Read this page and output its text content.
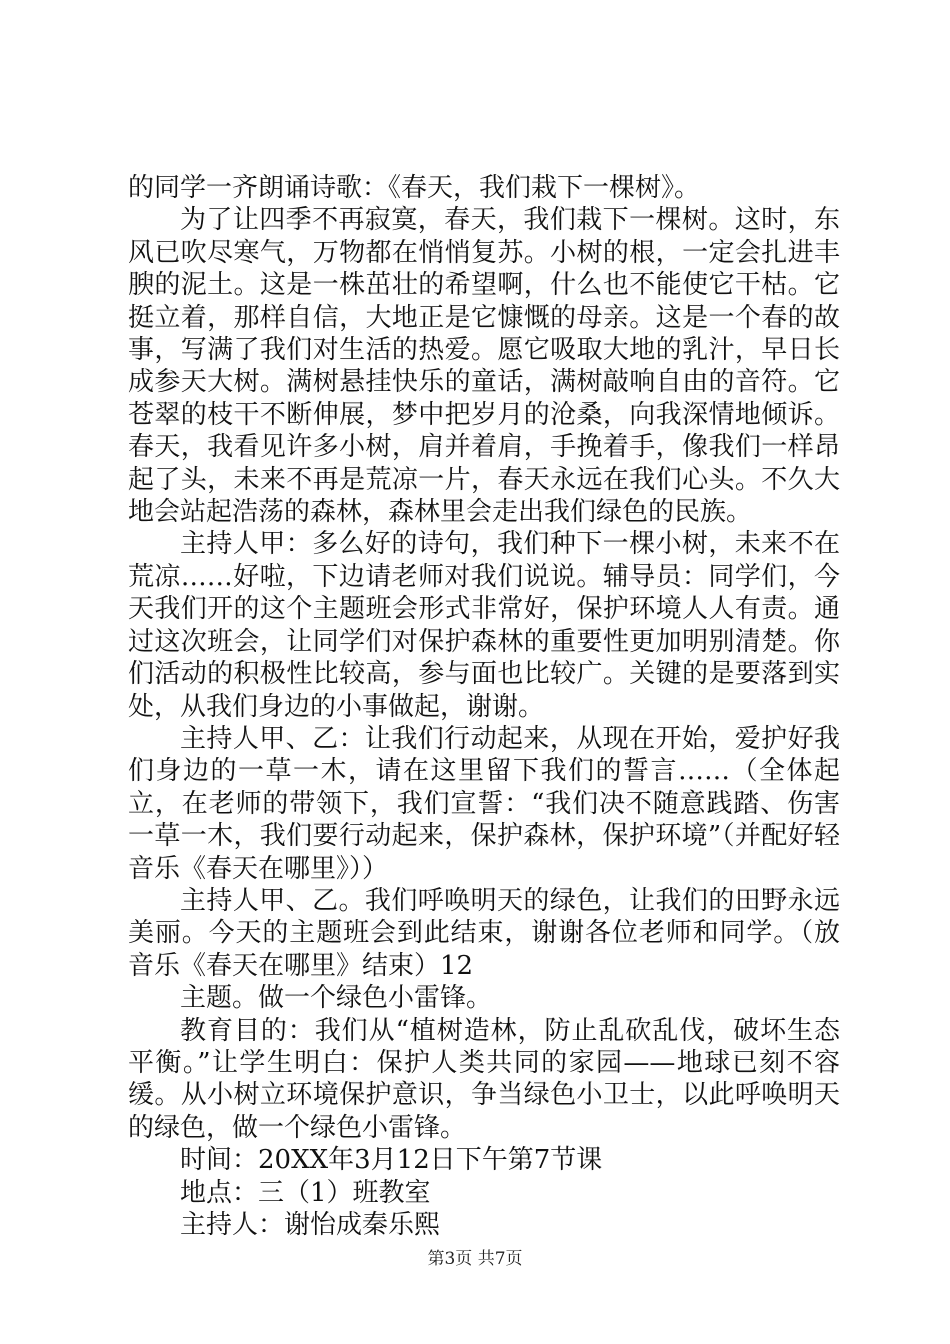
的同学一齐朗诵诗歌：《春天，我们栽下一棵树》。

为了让四季不再寂寞，春天，我们栽下一棵树。这时，东风已吹尽寒气，万物都在悄悄复苏。小树的根，一定会扎进丰腴的泥土。这是一株茁壮的希望啊，什么也不能使它干枯。它挺立着，那样自信，大地正是它慷慨的母亲。这是一个春的故事，写满了我们对生活的热爱。愿它吸取大地的乳汁，早日长成参天大树。满树悬挂快乐的童话，满树敲响自由的音符。它苍翠的枝干不断伸展，梦中把岁月的沧桑，向我深情地倾诉。春天，我看见许多小树，肩并着肩，手挽着手，像我们一样昂起了头，未来不再是荒凉一片，春天永远在我们心头。不久大地会站起浩荡的森林，森林里会走出我们绿色的民族。

主持人甲：多么好的诗句，我们种下一棵小树，未来不在荒凉……好啦，下边请老师对我们说说。辅导员：同学们，今天我们开的这个主题班会形式非常好，保护环境人人有责。通过这次班会，让同学们对保护森林的重要性更加明别清楚。你们活动的积极性比较高，参与面也比较广。关键的是要落到实处，从我们身边的小事做起，谢谢。

主持人甲、乙：让我们行动起来，从现在开始，爱护好我们身边的一草一木，请在这里留下我们的誓言……（全体起立，在老师的带领下，我们宣誓：“我们决不随意践踏、伤害一草一木，我们要行动起来，保护森林，保护环境”（并配好轻音乐《春天在哪里》））

主持人甲、乙。我们呼唤明天的绿色，让我们的田野永远美丽。今天的主题班会到此结束，谢谢各位老师和同学。（放音乐《春天在哪里》结束）12

主题。做一个绿色小雷锋。

教育目的：我们从“植树造林，防止乱砍乱伐，破坏生态平衡。”让学生明白：保护人类共同的家园——地球已刻不容缓。从小树立环境保护意识，争当绿色小卫士，以此呼唤明天的绿色，做一个绿色小雷锋。

时间：20XX年3月12日下午第7节课

地点：三（1）班教室

主持人：谢怡成秦乐熙

第3页 共7页
